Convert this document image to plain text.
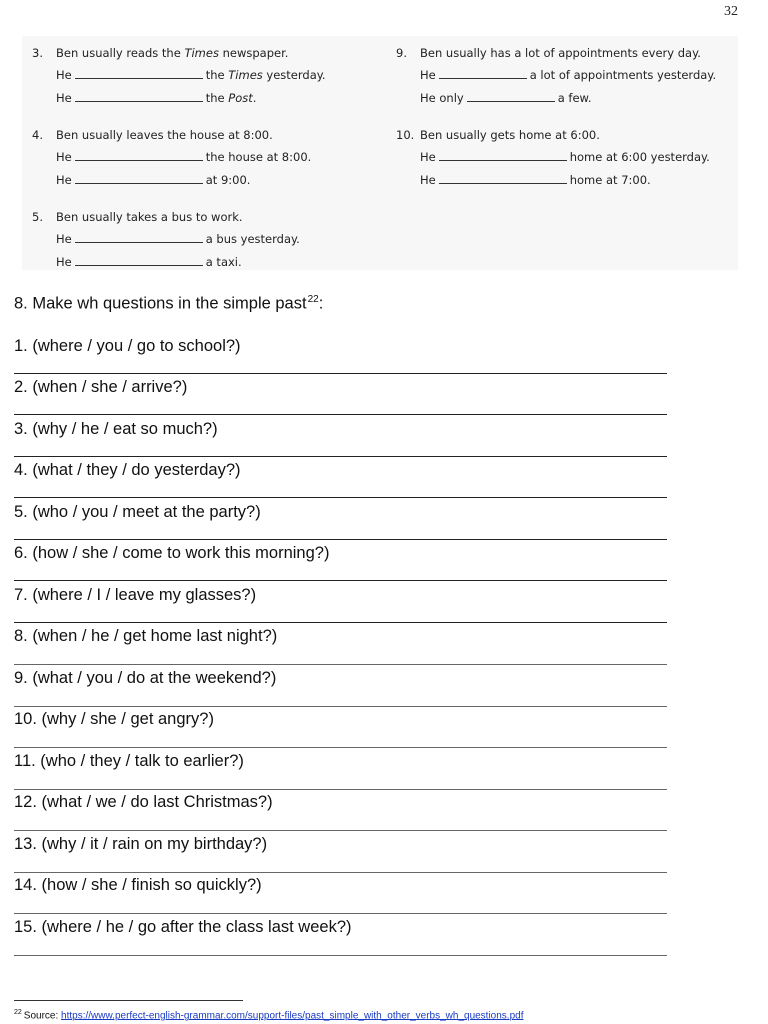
32
3. Ben usually reads the Times newspaper.
He	the Times yesterday.
He	the Post.
4. Ben usually leaves the house at 8:00.
He	the house at 8:00.
He	at 9:00.
5. Ben usually takes a bus to work.
He	a bus yesterday.
He	a taxi.
9. Ben usually has a lot of appointments every day.
He	a lot of appointments yesterday.
He only	a few.
10. Ben usually gets home at 6:00.
He	home at 6:00 yesterday.
He	home at 7:00.
8. Make wh questions in the simple past$^{22}$:
1. (where / you / go to school?)
2. (when / she / arrive?)
3. (why / he / eat so much?)
4. (what / they / do yesterday?)
5. (who / you / meet at the party?)
6. (how / she / come to work this morning?)
7. (where / I / leave my glasses?)
8. (when / he / get home last night?)
9. (what / you / do at the weekend?)
10. (why / she / get angry?)
11. (who / they / talk to earlier?)
12. (what / we / do last Christmas?)
13. (why / it / rain on my birthday?)
14. (how / she / finish so quickly?)
15. (where / he / go after the class last week?)
$^{22}$ Source: https://www.perfect-english-grammar.com/support-files/past_simple_with_other_verbs_wh_questions.pdf
